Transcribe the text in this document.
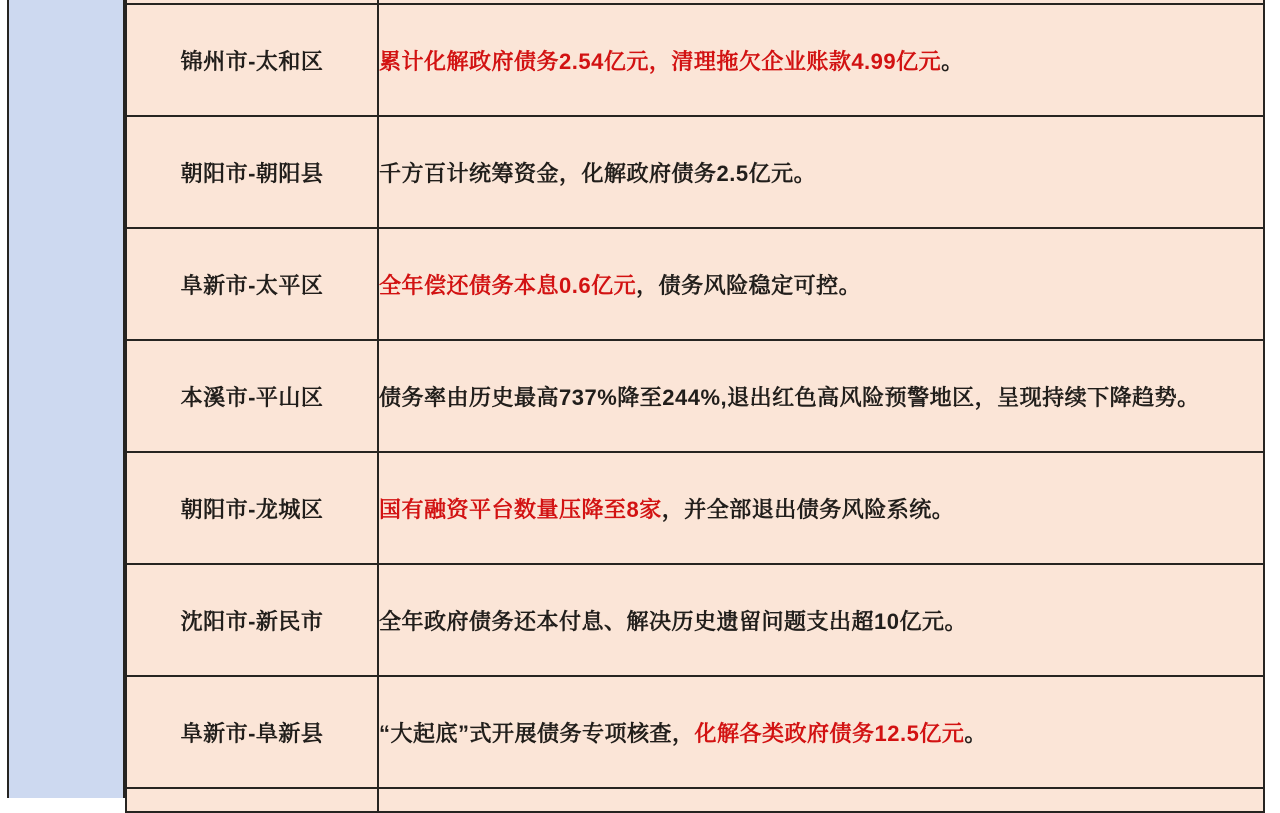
锦州市-太和区	累计化解政府债务2.54亿元，清理拖欠企业账款4.99亿元。
朝阳市-朝阳县	千方百计统筹资金，化解政府债务2.5亿元。
阜新市-太平区	全年偿还债务本息0.6亿元，债务风险稳定可控。
本溪市-平山区	债务率由历史最高737%降至244%,退出红色高风险预警地区，呈现持续下降趋势。
朝阳市-龙城区	国有融资平台数量压降至8家，并全部退出债务风险系统。
沈阳市-新民市	全年政府债务还本付息、解决历史遗留问题支出超10亿元。
阜新市-阜新县	“大起底”式开展债务专项核查，化解各类政府债务12.5亿元。
